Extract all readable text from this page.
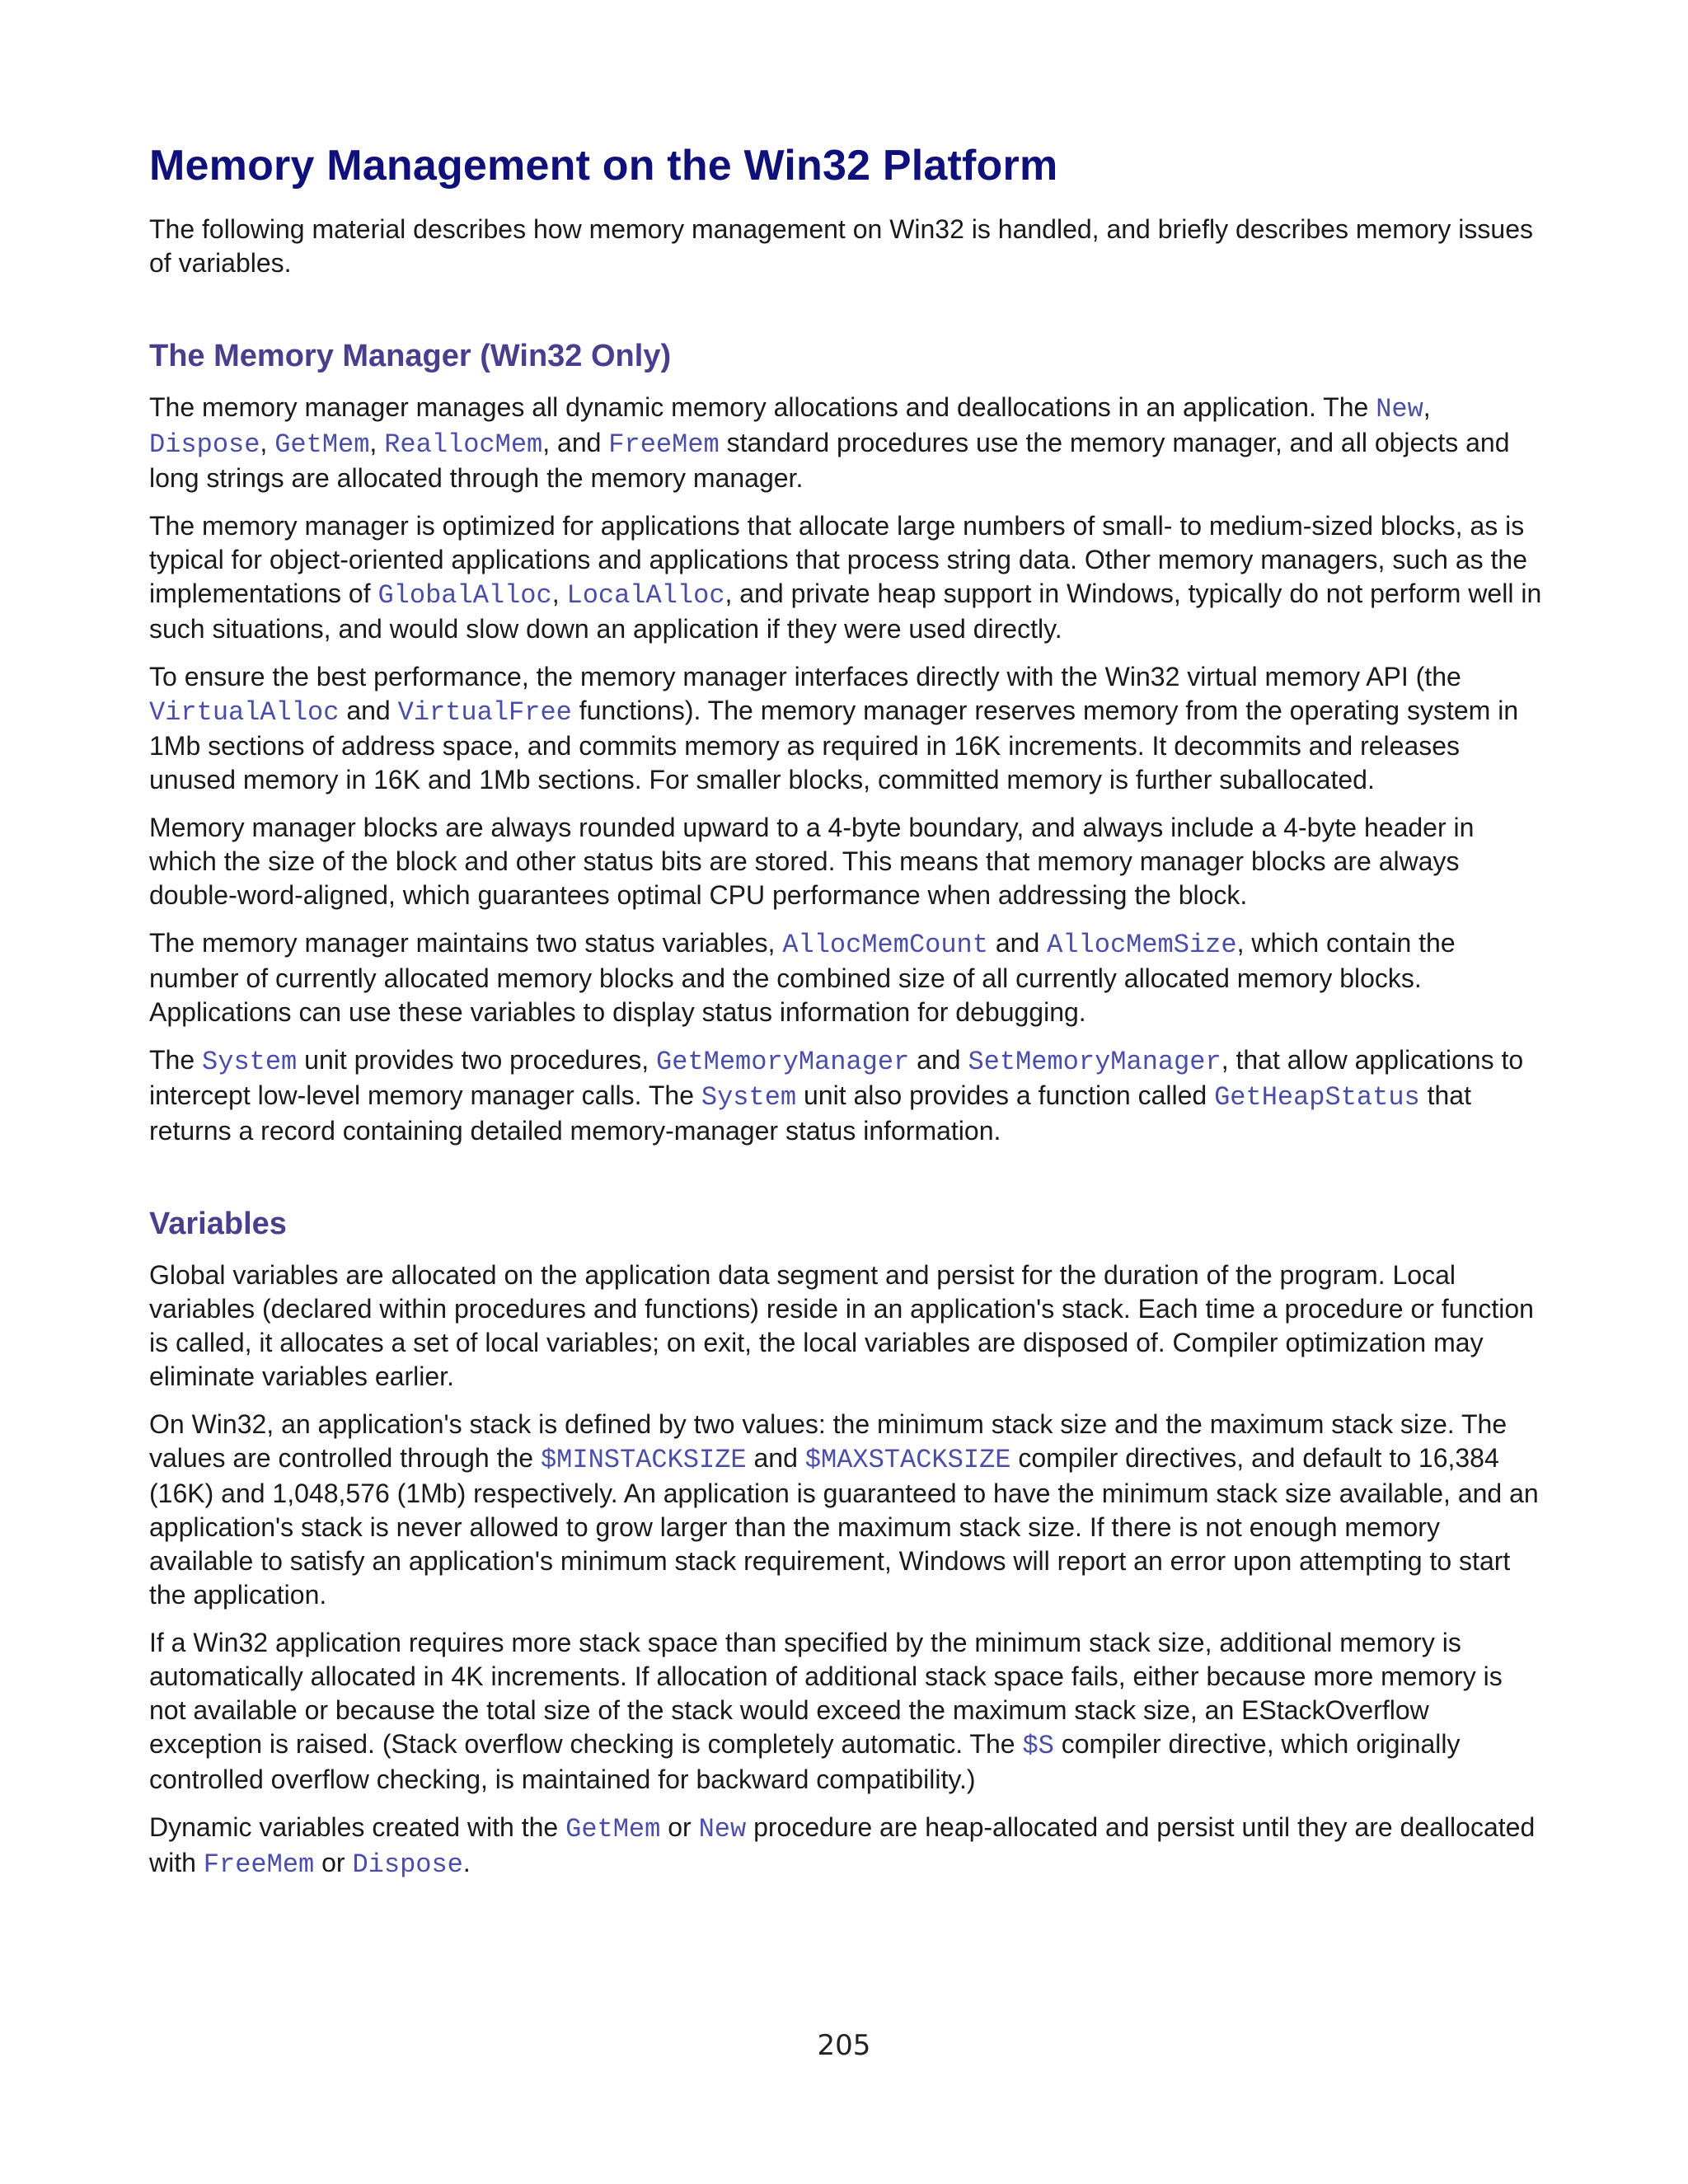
Memory Management on the Win32 Platform

The following material describes how memory management on Win32 is handled, and briefly describes memory issues of variables.

The Memory Manager (Win32 Only)

The memory manager manages all dynamic memory allocations and deallocations in an application. The New, Dispose, GetMem, ReallocMem, and FreeMem standard procedures use the memory manager, and all objects and long strings are allocated through the memory manager.

The memory manager is optimized for applications that allocate large numbers of small- to medium-sized blocks, as is typical for object-oriented applications and applications that process string data. Other memory managers, such as the implementations of GlobalAlloc, LocalAlloc, and private heap support in Windows, typically do not perform well in such situations, and would slow down an application if they were used directly.

To ensure the best performance, the memory manager interfaces directly with the Win32 virtual memory API (the VirtualAlloc and VirtualFree functions). The memory manager reserves memory from the operating system in 1Mb sections of address space, and commits memory as required in 16K increments. It decommits and releases unused memory in 16K and 1Mb sections. For smaller blocks, committed memory is further suballocated.

Memory manager blocks are always rounded upward to a 4-byte boundary, and always include a 4-byte header in which the size of the block and other status bits are stored. This means that memory manager blocks are always double-word-aligned, which guarantees optimal CPU performance when addressing the block.

The memory manager maintains two status variables, AllocMemCount and AllocMemSize, which contain the number of currently allocated memory blocks and the combined size of all currently allocated memory blocks. Applications can use these variables to display status information for debugging.

The System unit provides two procedures, GetMemoryManager and SetMemoryManager, that allow applications to intercept low-level memory manager calls. The System unit also provides a function called GetHeapStatus that returns a record containing detailed memory-manager status information.

Variables

Global variables are allocated on the application data segment and persist for the duration of the program. Local variables (declared within procedures and functions) reside in an application's stack. Each time a procedure or function is called, it allocates a set of local variables; on exit, the local variables are disposed of. Compiler optimization may eliminate variables earlier.

On Win32, an application's stack is defined by two values: the minimum stack size and the maximum stack size. The values are controlled through the $MINSTACKSIZE and $MAXSTACKSIZE compiler directives, and default to 16,384 (16K) and 1,048,576 (1Mb) respectively. An application is guaranteed to have the minimum stack size available, and an application's stack is never allowed to grow larger than the maximum stack size. If there is not enough memory available to satisfy an application's minimum stack requirement, Windows will report an error upon attempting to start the application.

If a Win32 application requires more stack space than specified by the minimum stack size, additional memory is automatically allocated in 4K increments. If allocation of additional stack space fails, either because more memory is not available or because the total size of the stack would exceed the maximum stack size, an EStackOverflow exception is raised. (Stack overflow checking is completely automatic. The $S compiler directive, which originally controlled overflow checking, is maintained for backward compatibility.)

Dynamic variables created with the GetMem or New procedure are heap-allocated and persist until they are deallocated with FreeMem or Dispose.

205
